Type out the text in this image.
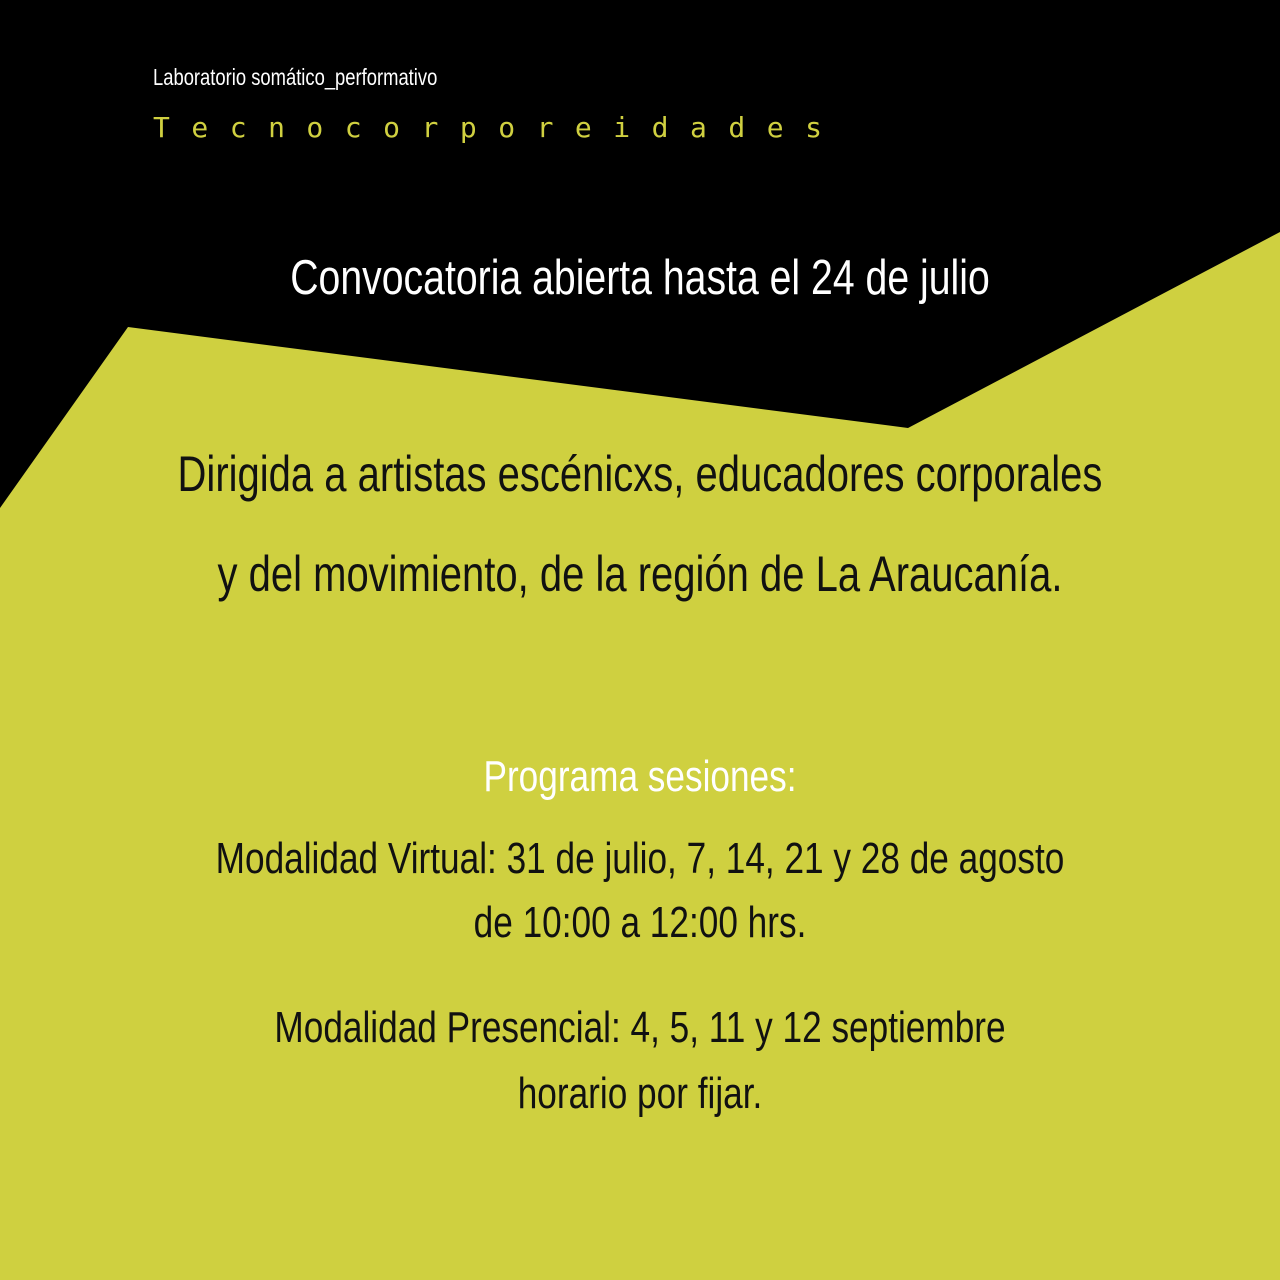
Laboratorio somático_performativo
Tecnocorporeidades
Convocatoria abierta hasta el 24 de julio
Dirigida a artistas escénicxs, educadores corporales
y del movimiento, de la región de La Araucanía.
Programa sesiones:
Modalidad Virtual: 31 de julio, 7, 14, 21 y 28 de agosto
de 10:00 a 12:00 hrs.
Modalidad Presencial: 4, 5, 11 y 12 septiembre
horario por fijar.
